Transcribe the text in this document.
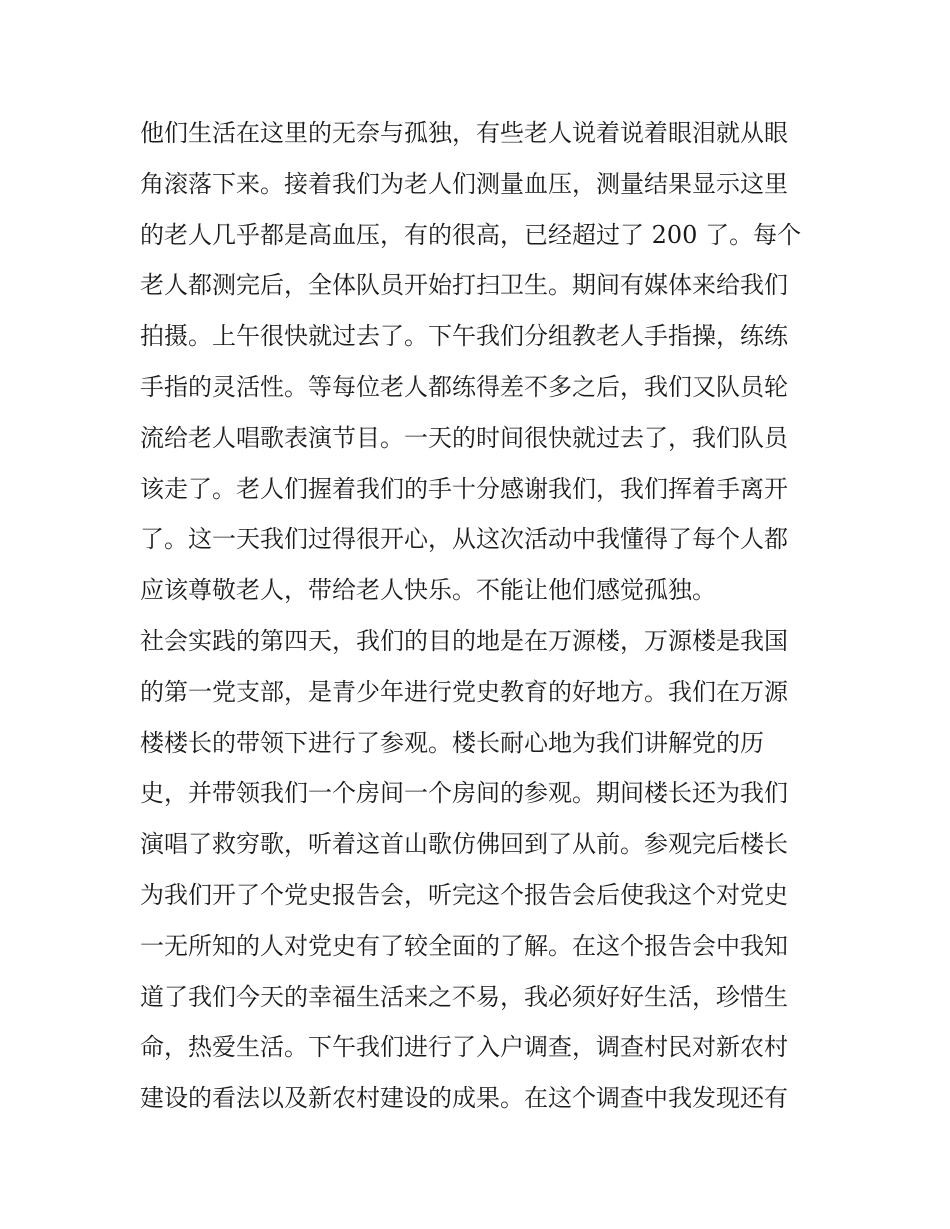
他们生活在这里的无奈与孤独，有些老人说着说着眼泪就从眼
角滚落下来。接着我们为老人们测量血压，测量结果显示这里
的老人几乎都是高血压，有的很高，已经超过了 200 了。每个
老人都测完后，全体队员开始打扫卫生。期间有媒体来给我们
拍摄。上午很快就过去了。下午我们分组教老人手指操，练练
手指的灵活性。等每位老人都练得差不多之后，我们又队员轮
流给老人唱歌表演节目。一天的时间很快就过去了，我们队员
该走了。老人们握着我们的手十分感谢我们，我们挥着手离开
了。这一天我们过得很开心，从这次活动中我懂得了每个人都
应该尊敬老人，带给老人快乐。不能让他们感觉孤独。
社会实践的第四天，我们的目的地是在万源楼，万源楼是我国
的第一党支部，是青少年进行党史教育的好地方。我们在万源
楼楼长的带领下进行了参观。楼长耐心地为我们讲解党的历
史，并带领我们一个房间一个房间的参观。期间楼长还为我们
演唱了救穷歌，听着这首山歌仿佛回到了从前。参观完后楼长
为我们开了个党史报告会，听完这个报告会后使我这个对党史
一无所知的人对党史有了较全面的了解。在这个报告会中我知
道了我们今天的幸福生活来之不易，我必须好好生活，珍惜生
命，热爱生活。下午我们进行了入户调查，调查村民对新农村
建设的看法以及新农村建设的成果。在这个调查中我发现还有
